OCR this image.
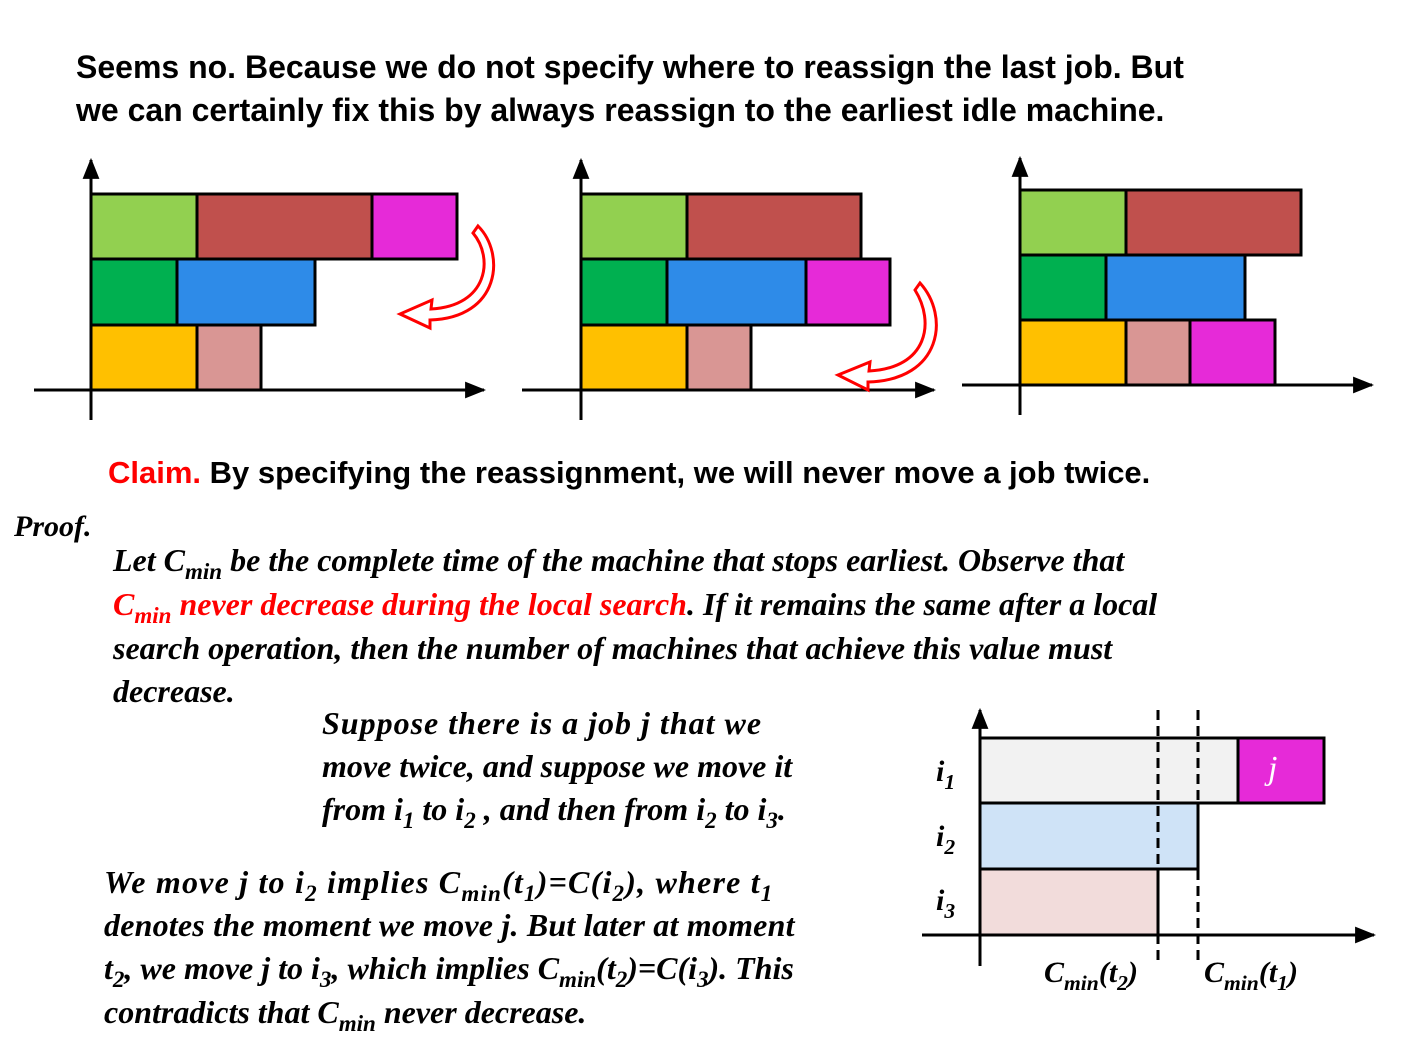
Seems no. Because we do not specify where to reassign the last job. But
we can certainly fix this by always reassign to the earliest idle machine.
j
$i_1$
$i_2$
$i_3$
$C_{min}(t_2)$ $C_{min}(t_1)$
Claim. By specifying the reassignment, we will never move a job twice.
Proof.
Let $C_{min}$ be the complete time of the machine that stops earliest. Observe that
$C_{min}$ never decrease during the local search. If it remains the same after a local
search operation, then the number of machines that achieve this value must
decrease.
Suppose there is a job j that we
move twice, and suppose we move it
from $i_1$ to $i_2$ , and then from $i_2$ to $i_3$.
We move j to $i_2$ implies $C_{min}(t_1)=C(i_2)$, where $t_1$
denotes the moment we move j. But later at moment
$t_2$, we move j to $i_3$, which implies $C_{min}(t_2)=C(i_3)$. This
contradicts that $C_{min}$ never decrease.
